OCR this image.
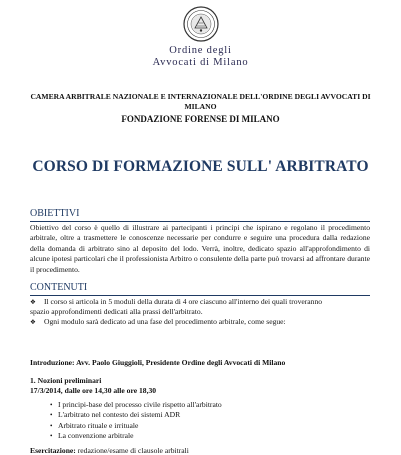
Ordine degli
Avvocati di Milano
CAMERA ARBITRALE NAZIONALE E INTERNAZIONALE DELL'ORDINE DEGLI AVVOCATI DI MILANO
FONDAZIONE FORENSE DI MILANO
CORSO DI FORMAZIONE SULL' ARBITRATO
OBIETTIVI
Obiettivo del corso è quello di illustrare ai partecipanti i principi che ispirano e regolano il procedimento arbitrale, oltre a trasmettere le conoscenze necessarie per condurre e seguire una procedura dalla redazione della domanda di arbitrato sino al deposito del lodo. Verrà, inoltre, dedicato spazio all'approfondimento di alcune ipotesi particolari che il professionista Arbitro o consulente della parte può trovarsi ad affrontare durante il procedimento.
CONTENUTI
❖ Il corso si articola in 5 moduli della durata di 4 ore ciascuno all'interno dei quali troveranno
spazio approfondimenti dedicati alla prassi dell'arbitrato.
❖ Ogni modulo sarà dedicato ad una fase del procedimento arbitrale, come segue:
Introduzione: Avv. Paolo Giuggioli, Presidente Ordine degli Avvocati di Milano
1. Nozioni preliminari
17/3/2014, dalle ore 14,30 alle ore 18,30
• I principi-base del processo civile rispetto all'arbitrato
• L'arbitrato nel contesto dei sistemi ADR
• Arbitrato rituale e irrituale
• La convenzione arbitrale
Esercitazione: redazione/esame di clausole arbitrali
